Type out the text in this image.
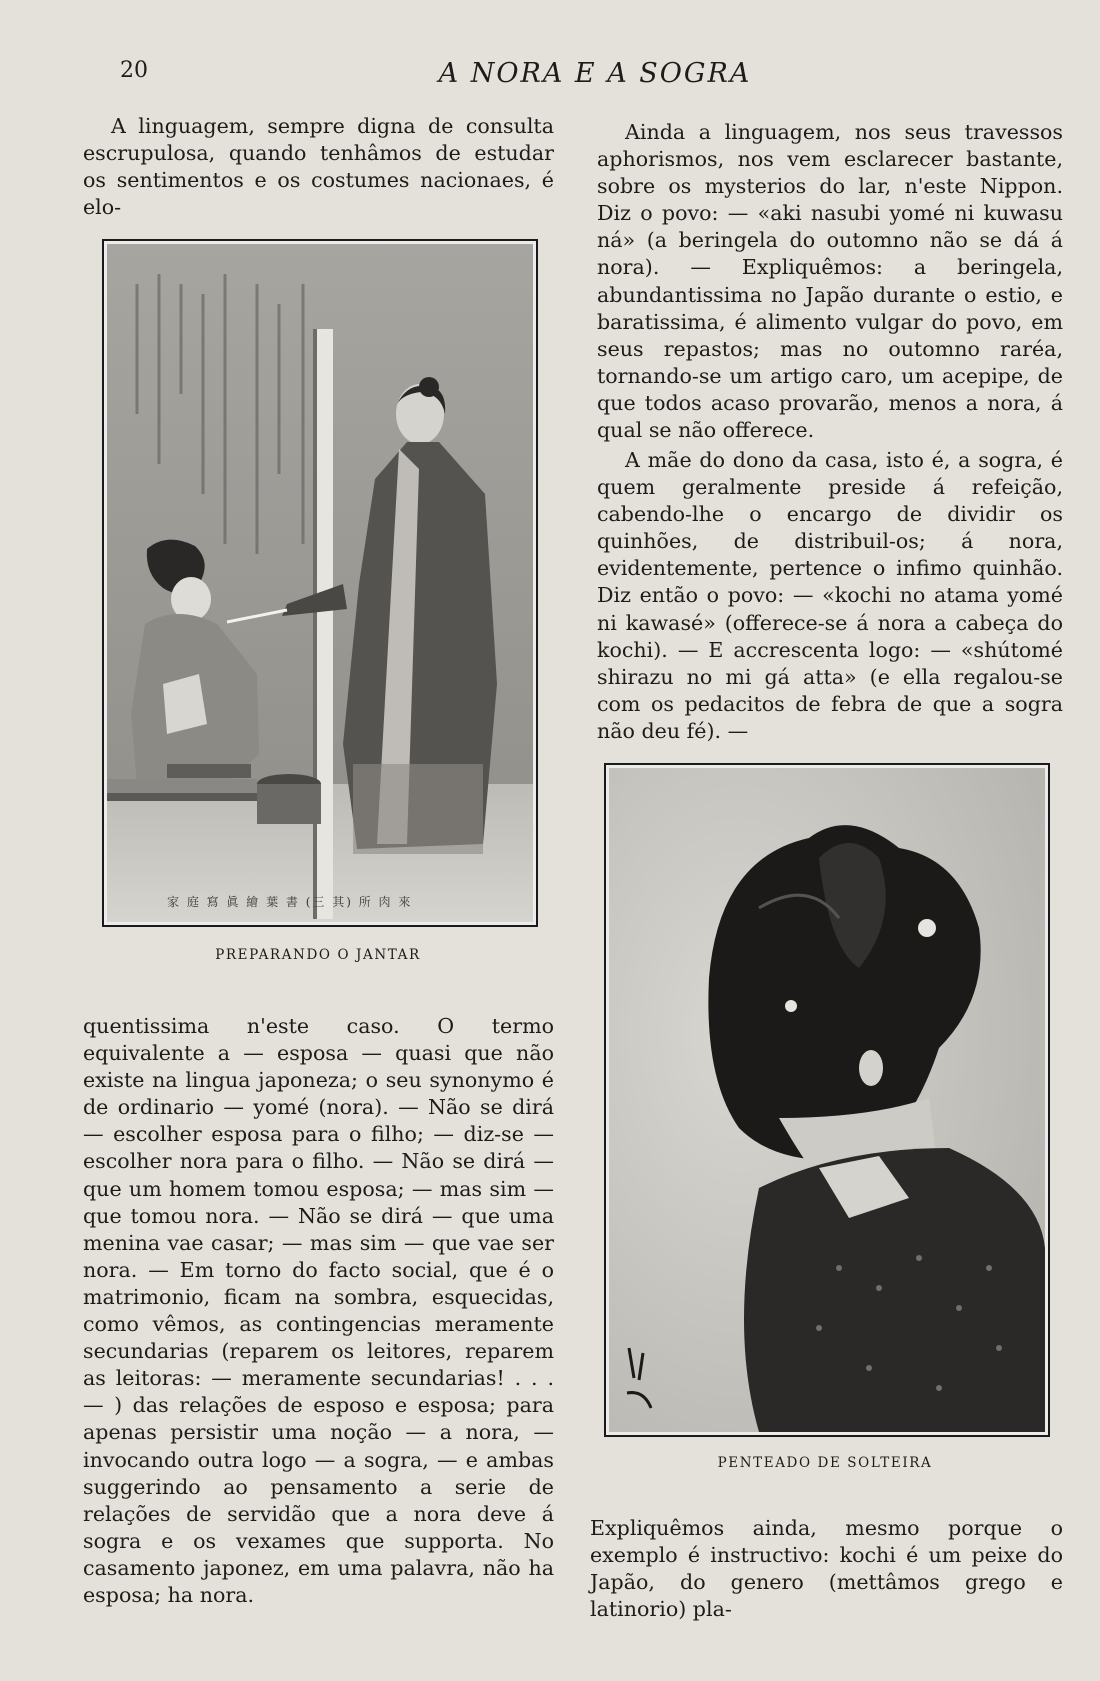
20	A NORA E A SOGRA

A linguagem, sempre digna de consulta escrupulosa, quando tenhâmos de estudar os sentimentos e os costumes nacionaes, é elo-

家 庭 寫 眞 繪 葉 書 (三 其) 所 肉 來
PREPARANDO O JANTAR

quentissima n'este caso. O termo equivalente a — esposa — quasi que não existe na lingua japoneza; o seu synonymo é de ordinario — yomé (nora). — Não se dirá — escolher esposa para o filho; — diz-se — escolher nora para o filho. — Não se dirá — que um homem tomou esposa; — mas sim — que tomou nora. — Não se dirá — que uma menina vae casar; — mas sim — que vae ser nora. — Em torno do facto social, que é o matrimonio, ficam na sombra, esquecidas, como vêmos, as contingencias meramente secundarias (reparem os leitores, reparem as leitoras: — meramente secundarias! . . . — ) das relações de esposo e esposa; para apenas persistir uma noção — a nora, — invocando outra logo — a sogra, — e ambas suggerindo ao pensamento a serie de relações de servidão que a nora deve á sogra e os vexames que supporta. No casamento japonez, em uma palavra, não ha esposa; ha nora.

Ainda a linguagem, nos seus travessos aphorismos, nos vem esclarecer bastante, sobre os mysterios do lar, n'este Nippon. Diz o povo: — «aki nasubi yomé ni kuwasu ná» (a beringela do outomno não se dá á nora). — Expliquêmos: a beringela, abundantissima no Japão durante o estio, e baratissima, é alimento vulgar do povo, em seus repastos; mas no outomno raréa, tornando-se um artigo caro, um acepipe, de que todos acaso provarão, menos a nora, á qual se não offerece.

A mãe do dono da casa, isto é, a sogra, é quem geralmente preside á refeição, cabendo-lhe o encargo de dividir os quinhões, de distribuil-os; á nora, evidentemente, pertence o infimo quinhão. Diz então o povo: — «kochi no atama yomé ni kawasé» (offerece-se á nora a cabeça do kochi). — E accrescenta logo: — «shútomé shirazu no mi gá atta» (e ella regalou-se com os pedacitos de febra de que a sogra não deu fé). —

PENTEADO DE SOLTEIRA

Expliquêmos ainda, mesmo porque o exemplo é instructivo: kochi é um peixe do Japão, do genero (mettâmos grego e latinorio) pla-
